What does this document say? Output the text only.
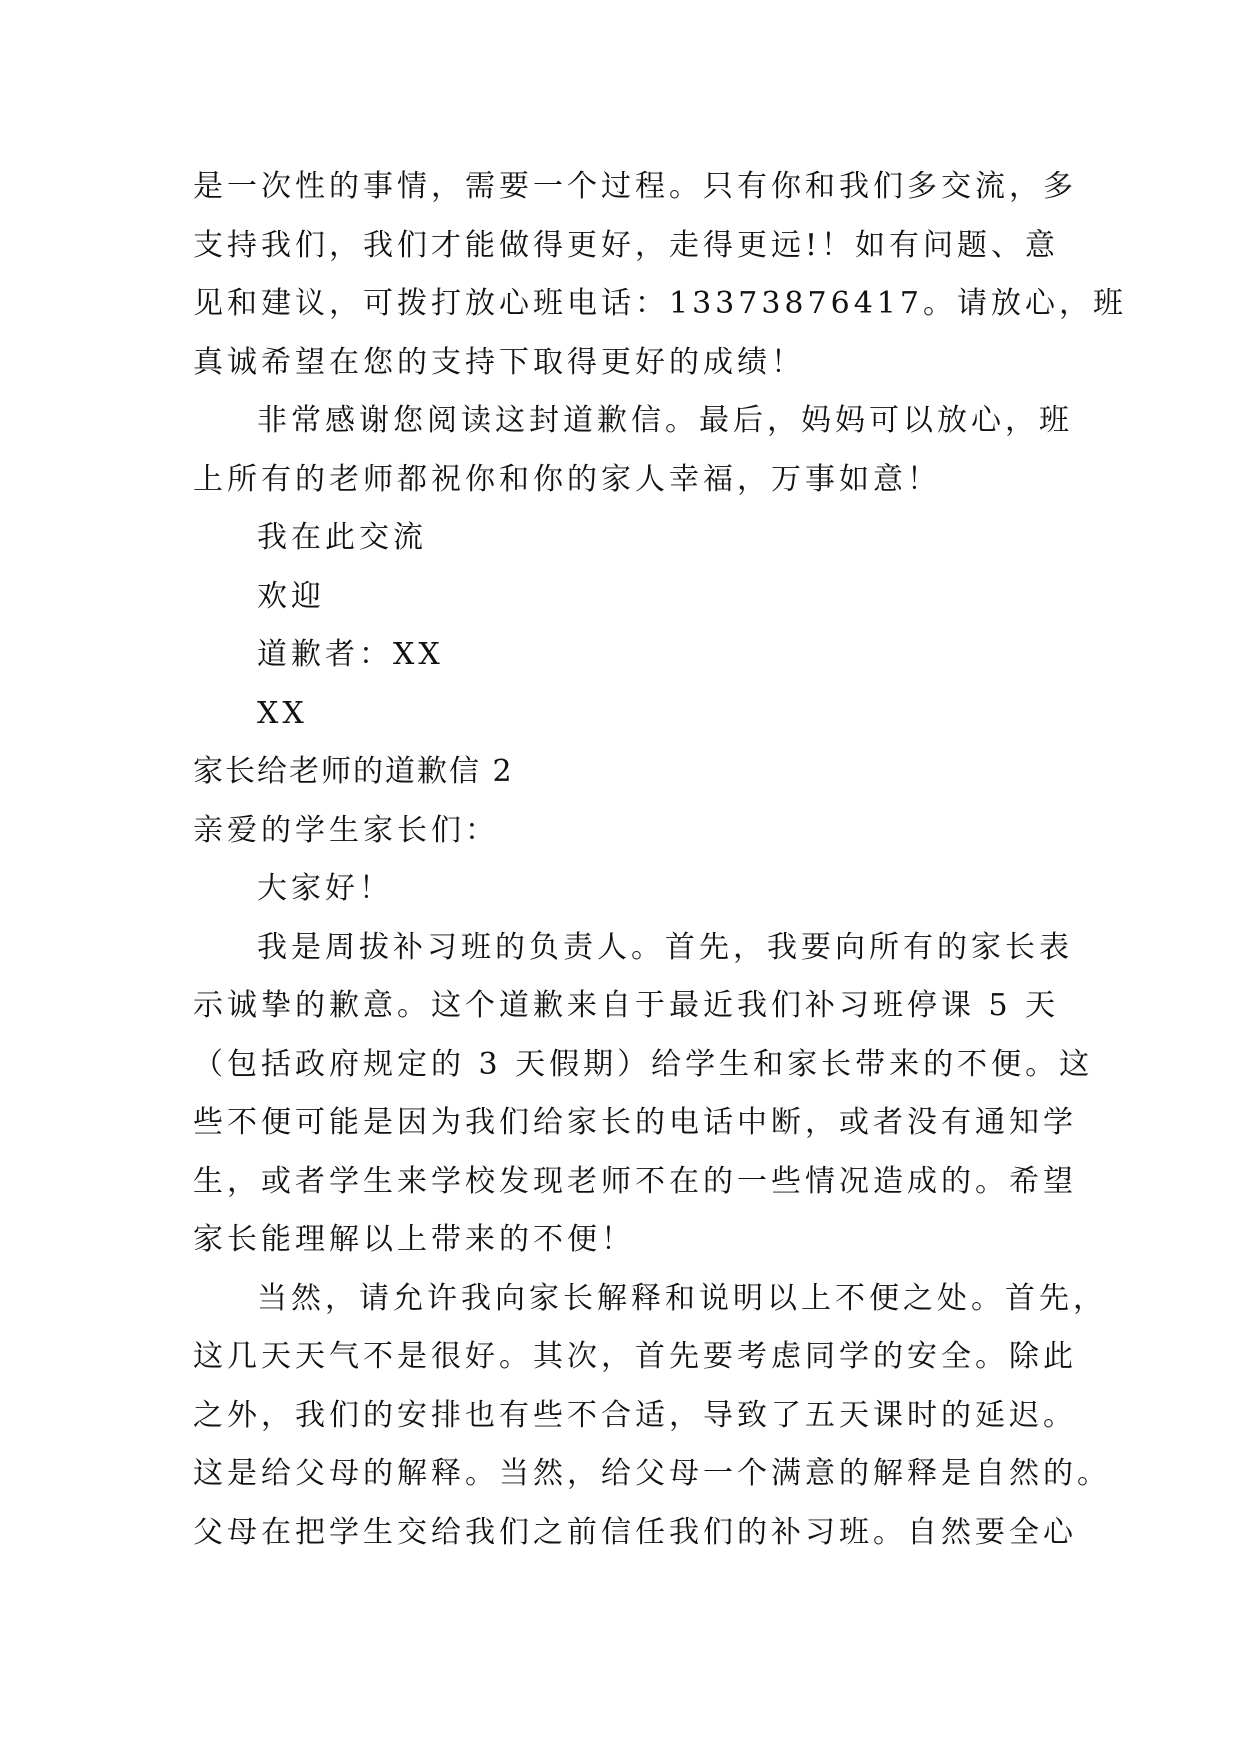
是一次性的事情，需要一个过程。只有你和我们多交流，多
支持我们，我们才能做得更好，走得更远!！如有问题、意
见和建议，可拨打放心班电话：13373876417。请放心，班
真诚希望在您的支持下取得更好的成绩！
非常感谢您阅读这封道歉信。最后，妈妈可以放心，班
上所有的老师都祝你和你的家人幸福，万事如意！
我在此交流
欢迎
道歉者：XX
XX
家长给老师的道歉信 2
亲爱的学生家长们：
大家好！
我是周拔补习班的负责人。首先，我要向所有的家长表
示诚挚的歉意。这个道歉来自于最近我们补习班停课 5 天
（包括政府规定的 3 天假期）给学生和家长带来的不便。这
些不便可能是因为我们给家长的电话中断，或者没有通知学
生，或者学生来学校发现老师不在的一些情况造成的。希望
家长能理解以上带来的不便！
当然，请允许我向家长解释和说明以上不便之处。首先，
这几天天气不是很好。其次，首先要考虑同学的安全。除此
之外，我们的安排也有些不合适，导致了五天课时的延迟。
这是给父母的解释。当然，给父母一个满意的解释是自然的。
父母在把学生交给我们之前信任我们的补习班。自然要全心
